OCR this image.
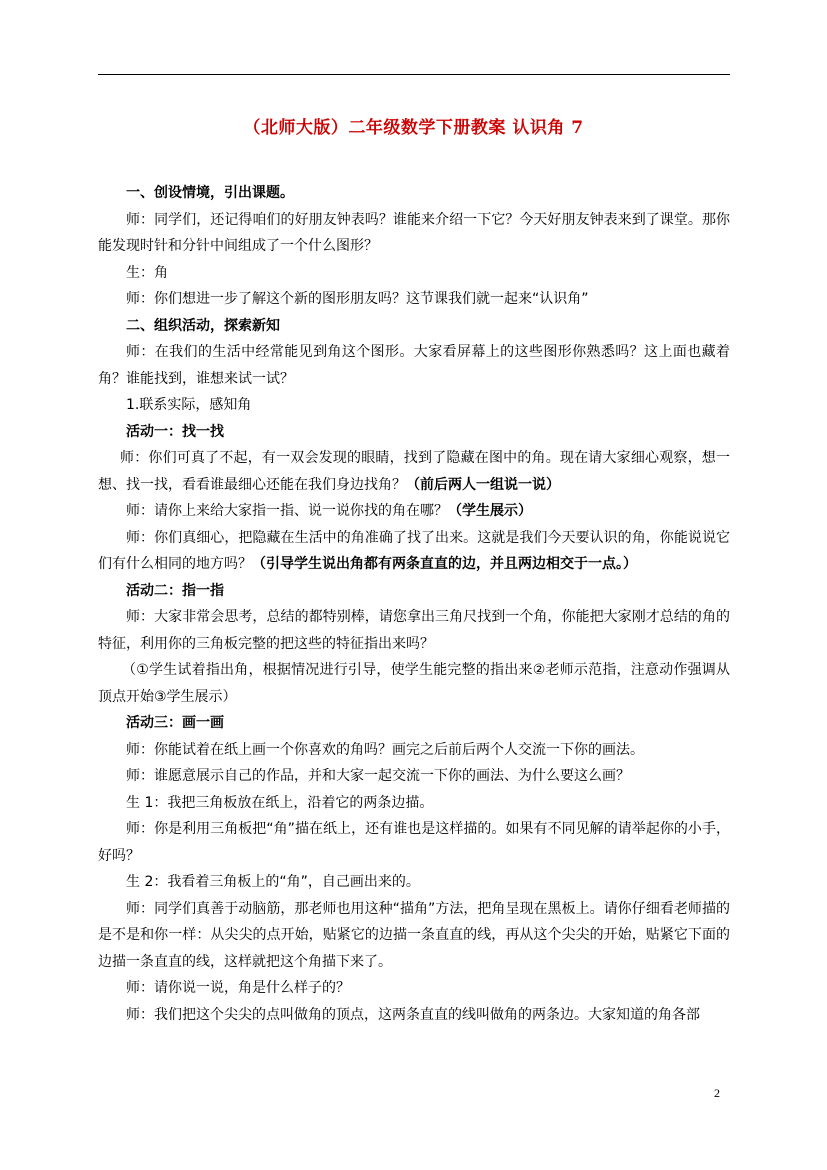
（北师大版）二年级数学下册教案 认识角 7

一、创设情境，引出课题。

师：同学们，还记得咱们的好朋友钟表吗？谁能来介绍一下它？今天好朋友钟表来到了课堂。那你能发现时针和分针中间组成了一个什么图形？

生：角

师：你们想进一步了解这个新的图形朋友吗？这节课我们就一起来“认识角”

二、组织活动，探索新知

师：在我们的生活中经常能见到角这个图形。大家看屏幕上的这些图形你熟悉吗？这上面也藏着角？谁能找到，谁想来试一试？

1.联系实际，感知角

活动一：找一找

师：你们可真了不起，有一双会发现的眼睛，找到了隐藏在图中的角。现在请大家细心观察，想一想、找一找，看看谁最细心还能在我们身边找角？（前后两人一组说一说）

师：请你上来给大家指一指、说一说你找的角在哪？（学生展示）

师：你们真细心，把隐藏在生活中的角准确了找了出来。这就是我们今天要认识的角，你能说说它们有什么相同的地方吗？（引导学生说出角都有两条直直的边，并且两边相交于一点。）

活动二：指一指

师：大家非常会思考，总结的都特别棒，请您拿出三角尺找到一个角，你能把大家刚才总结的角的特征，利用你的三角板完整的把这些的特征指出来吗？

（①学生试着指出角，根据情况进行引导，使学生能完整的指出来②老师示范指，注意动作强调从顶点开始③学生展示）

活动三：画一画

师：你能试着在纸上画一个你喜欢的角吗？画完之后前后两个人交流一下你的画法。

师：谁愿意展示自己的作品，并和大家一起交流一下你的画法、为什么要这么画？

生 1：我把三角板放在纸上，沿着它的两条边描。

师：你是利用三角板把“角”描在纸上，还有谁也是这样描的。如果有不同见解的请举起你的小手，好吗？

生 2：我看着三角板上的“角”，自己画出来的。

师：同学们真善于动脑筋，那老师也用这种“描角”方法，把角呈现在黑板上。请你仔细看老师描的是不是和你一样：从尖尖的点开始，贴紧它的边描一条直直的线，再从这个尖尖的开始，贴紧它下面的边描一条直直的线，这样就把这个角描下来了。

师：请你说一说，角是什么样子的？

师：我们把这个尖尖的点叫做角的顶点，这两条直直的线叫做角的两条边。大家知道的角各部

2
